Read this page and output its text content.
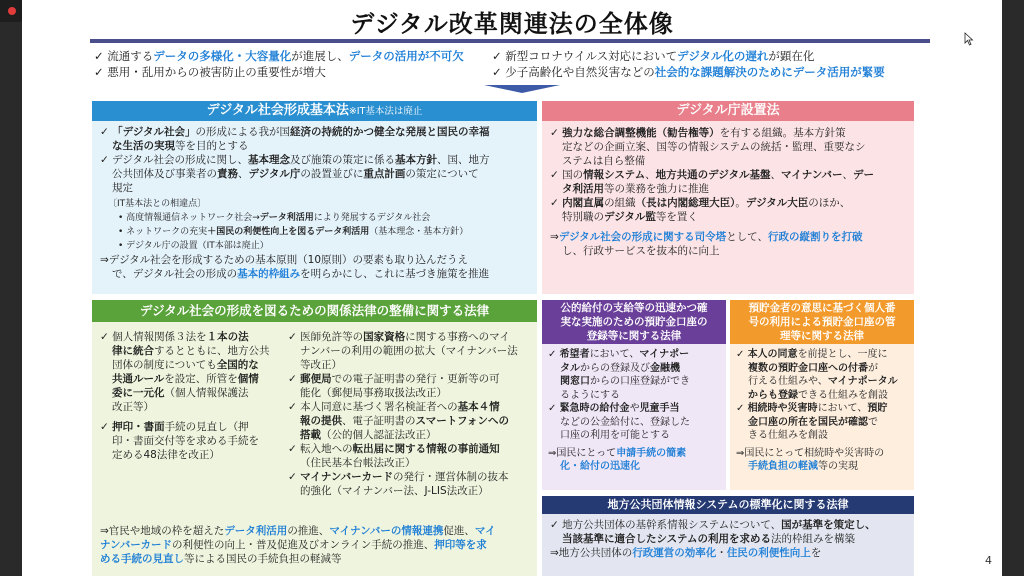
デジタル改革関連法の全体像
✓ 流通するデータの多様化・大容量化が進展し、データの活用が不可欠
✓ 悪用・乱用からの被害防止の重要性が増大
✓ 新型コロナウイルス対応においてデジタル化の遅れが顕在化
✓ 少子高齢化や自然災害などの社会的な課題解決のためにデータ活用が緊要
デジタル社会形成基本法※IT基本法は廃止

✓ 「デジタル社会」の形成による我が国経済の持続的かつ健全な発展と国民の幸福

な生活の実現等を目的とする

✓ デジタル社会の形成に関し、基本理念及び施策の策定に係る基本方針、国、地方

公共団体及び事業者の責務、デジタル庁の設置並びに重点計画の策定について

規定

〔IT基本法との相違点〕

• 高度情報通信ネットワーク社会→データ利活用により発展するデジタル社会

• ネットワークの充実＋国民の利便性向上を図るデータ利活用（基本理念・基本方針）

• デジタル庁の設置（IT本部は廃止）

⇒デジタル社会を形成するための基本原則（10原則）の要素も取り込んだうえ

で、デジタル社会の形成の基本的枠組みを明らかにし、これに基づき施策を推進

デジタル庁設置法

✓ 強力な総合調整機能（勧告権等）を有する組織。基本方針策

定などの企画立案、国等の情報システムの統括・監理、重要なシ

ステムは自ら整備

✓ 国の情報システム、地方共通のデジタル基盤、マイナンバー、デー

タ利活用等の業務を強力に推進

✓ 内閣直属の組織（長は内閣総理大臣）。デジタル大臣のほか、

特別職のデジタル監等を置く

⇒デジタル社会の形成に関する司令塔として、行政の縦割りを打破

し、行政サービスを抜本的に向上

デジタル社会の形成を図るための関係法律の整備に関する法律

✓ 個人情報関係３法を１本の法

律に統合するとともに、地方公共

団体の制度についても全国的な

共通ルールを設定、所管を個情

委に一元化（個人情報保護法

改正等）

✓ 押印・書面手続の見直し（押

印・書面交付等を求める手続を

定める48法律を改正）

✓ 医師免許等の国家資格に関する事務へのマイ

ナンバーの利用の範囲の拡大（マイナンバー法

等改正）

✓ 郵便局での電子証明書の発行・更新等の可

能化（郵便局事務取扱法改正）

✓ 本人同意に基づく署名検証者への基本４情

報の提供、電子証明書のスマートフォンへの

搭載（公的個人認証法改正）

✓ 転入地への転出届に関する情報の事前通知

（住民基本台帳法改正）

✓ マイナンバーカードの発行・運営体制の抜本

的強化（マイナンバー法、J-LIS法改正）

⇒官民や地域の枠を超えたデータ利活用の推進、マイナンバーの情報連携促進、マイ

ナンバーカードの利便性の向上・普及促進及びオンライン手続の推進、押印等を求

める手続の見直し等による国民の手続負担の軽減等

公的給付の支給等の迅速かつ確
実な実施のための預貯金口座の
登録等に関する法律

✓ 希望者において、マイナポー

タルからの登録及び金融機

関窓口からの口座登録ができ

るようにする

✓ 緊急時の給付金や児童手当

などの公金給付に、登録した

口座の利用を可能とする

⇒国民にとって申請手続の簡素

化・給付の迅速化

預貯金者の意思に基づく個人番
号の利用による預貯金口座の管
理等に関する法律

✓ 本人の同意を前提とし、一度に

複数の預貯金口座への付番が

行える仕組みや、マイナポータル

からも登録できる仕組みを創設

✓ 相続時や災害時において、預貯

金口座の所在を国民が確認で

きる仕組みを創設

⇒国民にとって相続時や災害時の

手続負担の軽減等の実現

地方公共団体情報システムの標準化に関する法律

✓ 地方公共団体の基幹系情報システムについて、国が基準を策定し、

当該基準に適合したシステムの利用を求める法的枠組みを構築

⇒地方公共団体の行政運営の効率化・住民の利便性向上を

4
